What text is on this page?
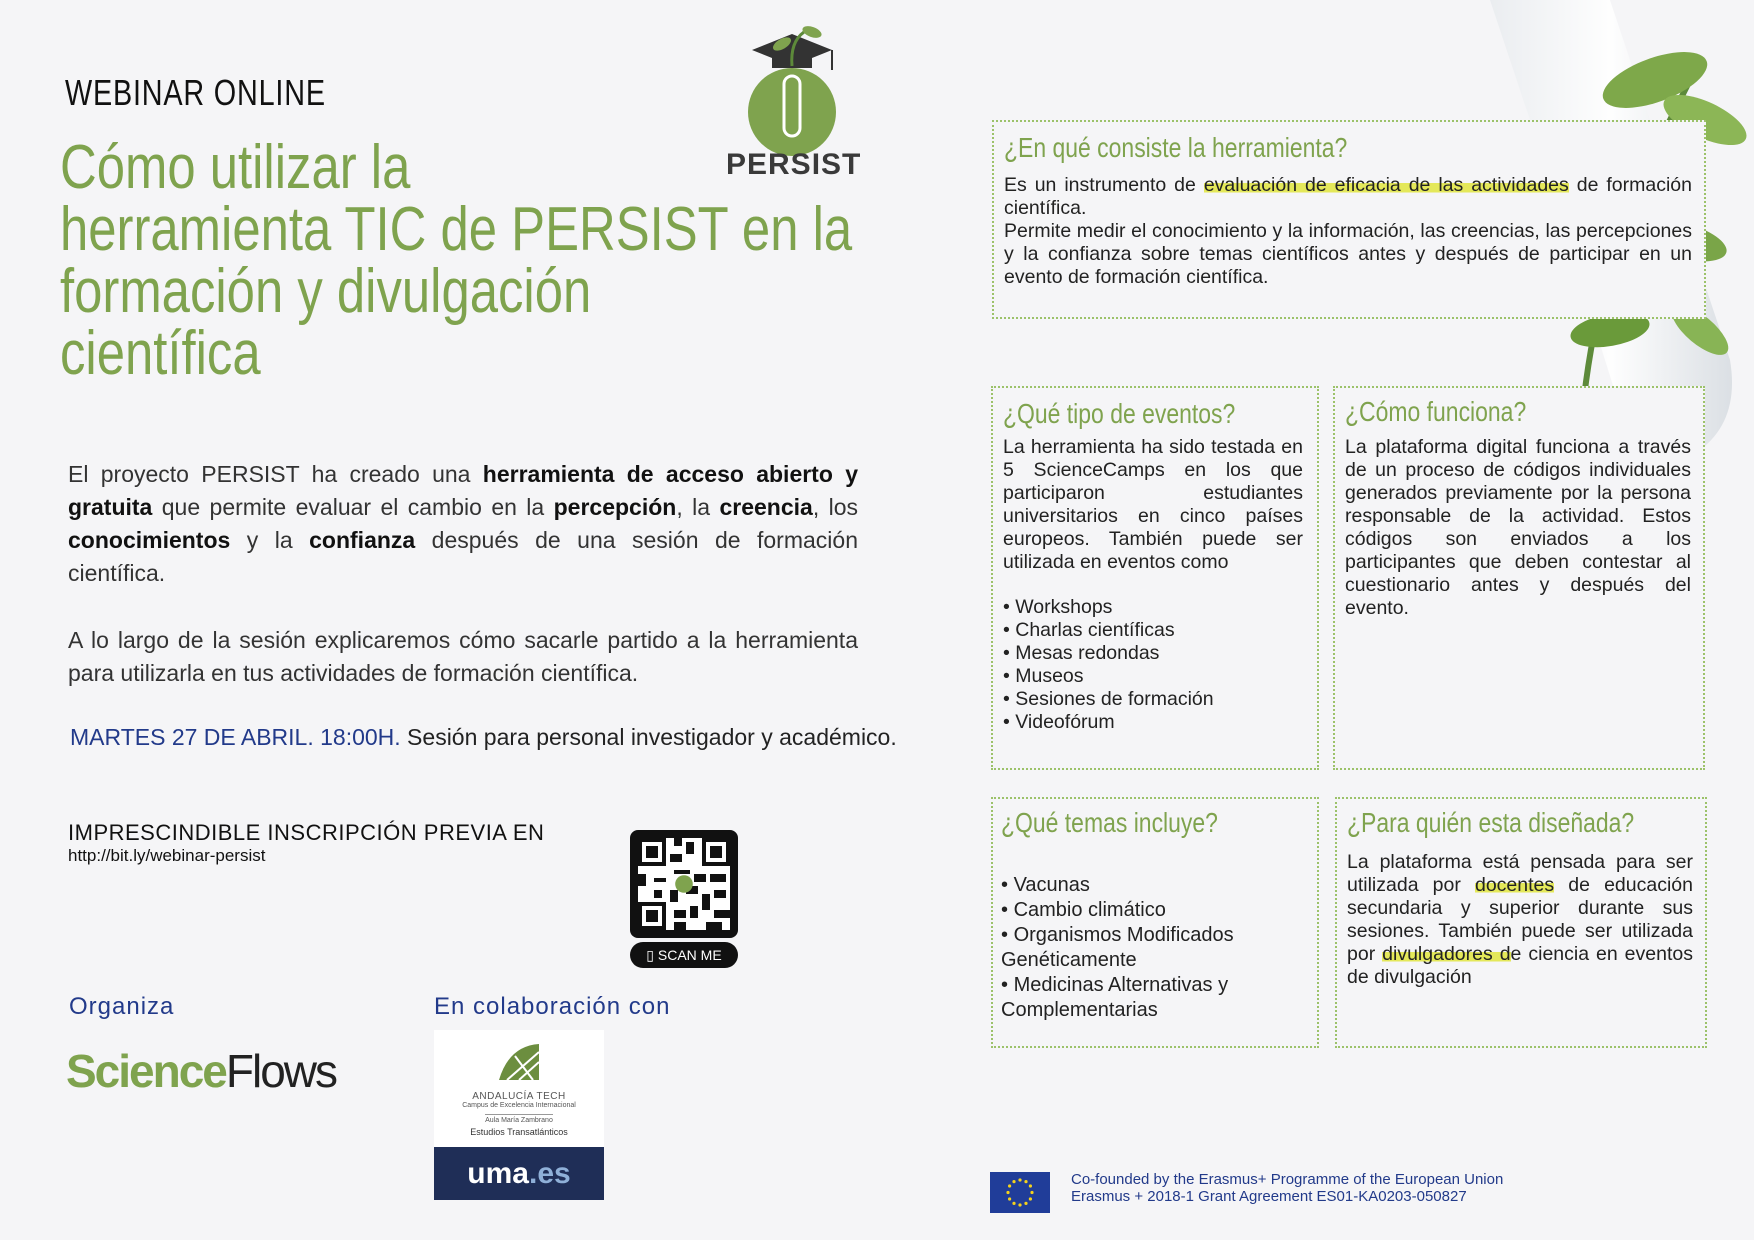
WEBINAR ONLINE
Cómo utilizar la
herramienta TIC de PERSIST en la
formación y divulgación
científica
PERSIST

El proyecto PERSIST ha creado una herramienta de acceso abierto y gratuita que permite evaluar el cambio en la percepción, la creencia, los conocimientos y la confianza después de una sesión de formación científica.

A lo largo de la sesión explicaremos cómo sacarle partido a la herramienta para utilizarla en tus actividades de formación científica.

MARTES 27 DE ABRIL. 18:00H. Sesión para personal investigador y académico.
IMPRESCINDIBLE INSCRIPCIÓN PREVIA EN
http://bit.ly/webinar-persist
▯ SCAN ME
Organiza	En colaboración con
ScienceFlows	ANDALUCÍA TECH
Campus de Excelencia Internacional
Aula María Zambrano
Estudios Transatlánticos
uma.es
¿En qué consiste la herramienta?
Es un instrumento de evaluación de eficacia de las actividades de formación científica.
Permite medir el conocimiento y la información, las creencias, las percepciones y la confianza sobre temas científicos antes y después de participar en un evento de formación científica.
¿Qué tipo de eventos?
La herramienta ha sido testada en 5 ScienceCamps en los que participaron estudiantes universitarios en cinco países europeos. También puede ser utilizada en eventos como
• Workshops
• Charlas científicas
• Mesas redondas
• Museos
• Sesiones de formación
• Videofórum
¿Cómo funciona?
La plataforma digital funciona a través de un proceso de códigos individuales generados previamente por la persona responsable de la actividad. Estos códigos son enviados a los participantes que deben contestar al cuestionario antes y después del evento.
¿Qué temas incluye?
• Vacunas
• Cambio climático
• Organismos Modificados Genéticamente
• Medicinas Alternativas y Complementarias
¿Para quién esta diseñada?
La plataforma está pensada para ser utilizada por docentes de educación secundaria y superior durante sus sesiones. También puede ser utilizada por divulgadores de ciencia en eventos de divulgación
Co-founded by the Erasmus+ Programme of the European Union
Erasmus + 2018-1 Grant Agreement ES01-KA0203-050827
